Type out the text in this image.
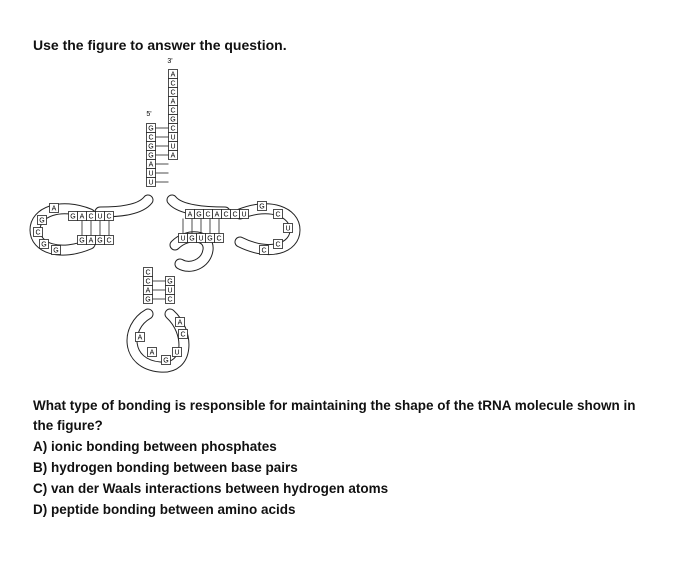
Use the figure to answer the question.

A
C
C
A
C
G
C
U
U
A
G
C
G
G
A
U
U
G A C U C
G A G C
A G C A C C U
U G U G C
C
C
A
G
G
U
C
A
C
U
G
A
A
A
G
C
G
G
G
C
U
C
C
3'
5'

What type of bonding is responsible for maintaining the shape of the tRNA molecule shown in the figure?

A) ionic bonding between phosphates
B) hydrogen bonding between base pairs
C) van der Waals interactions between hydrogen atoms
D) peptide bonding between amino acids
